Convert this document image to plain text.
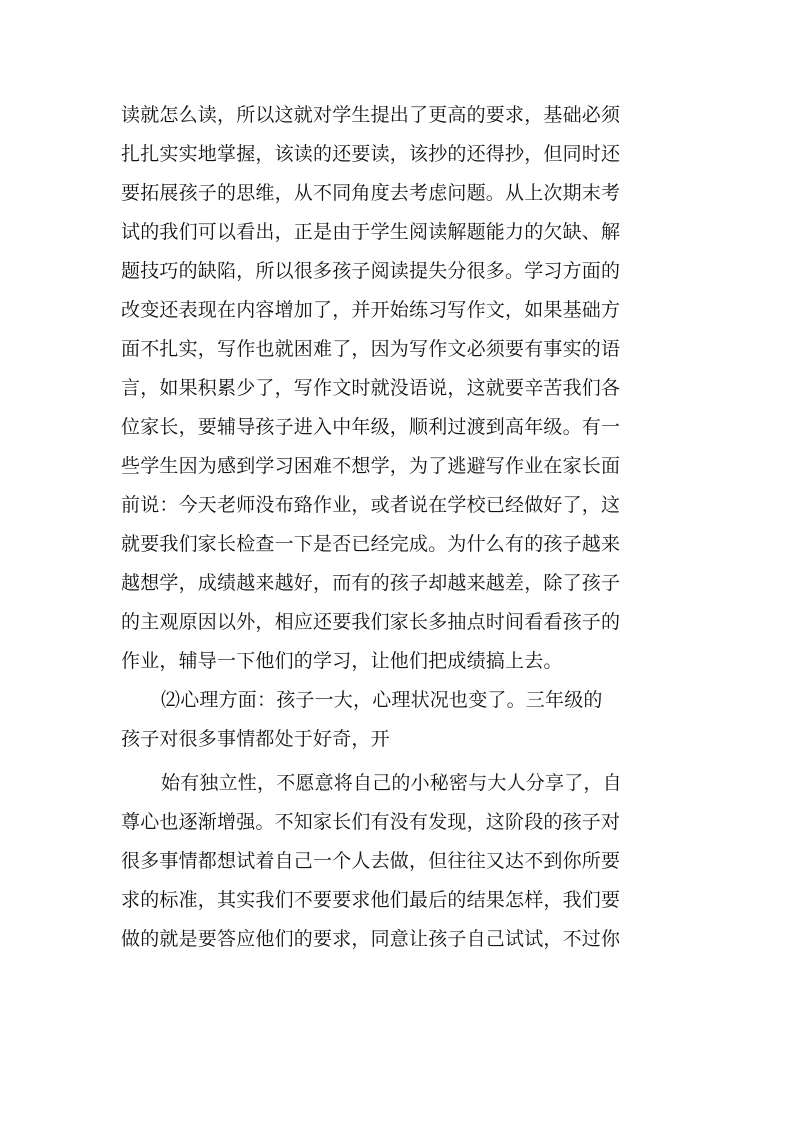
读就怎么读，所以这就对学生提出了更高的要求，基础必须
扎扎实实地掌握，该读的还要读，该抄的还得抄，但同时还
要拓展孩子的思维，从不同角度去考虑问题。从上次期末考
试的我们可以看出，正是由于学生阅读解题能力的欠缺、解
题技巧的缺陷，所以很多孩子阅读提失分很多。学习方面的
改变还表现在内容增加了，并开始练习写作文，如果基础方
面不扎实，写作也就困难了，因为写作文必须要有事实的语
言，如果积累少了，写作文时就没语说，这就要辛苦我们各
位家长，要辅导孩子进入中年级，顺利过渡到高年级。有一
些学生因为感到学习困难不想学，为了逃避写作业在家长面
前说：今天老师没布臵作业，或者说在学校已经做好了，这
就要我们家长检查一下是否已经完成。为什么有的孩子越来
越想学，成绩越来越好，而有的孩子却越来越差，除了孩子
的主观原因以外，相应还要我们家长多抽点时间看看孩子的
作业，辅导一下他们的学习，让他们把成绩搞上去。
⑵心理方面：孩子一大，心理状况也变了。三年级的
孩子对很多事情都处于好奇，开
始有独立性，不愿意将自己的小秘密与大人分享了，自
尊心也逐渐增强。不知家长们有没有发现，这阶段的孩子对
很多事情都想试着自己一个人去做，但往往又达不到你所要
求的标准，其实我们不要要求他们最后的结果怎样，我们要
做的就是要答应他们的要求，同意让孩子自己试试，不过你
